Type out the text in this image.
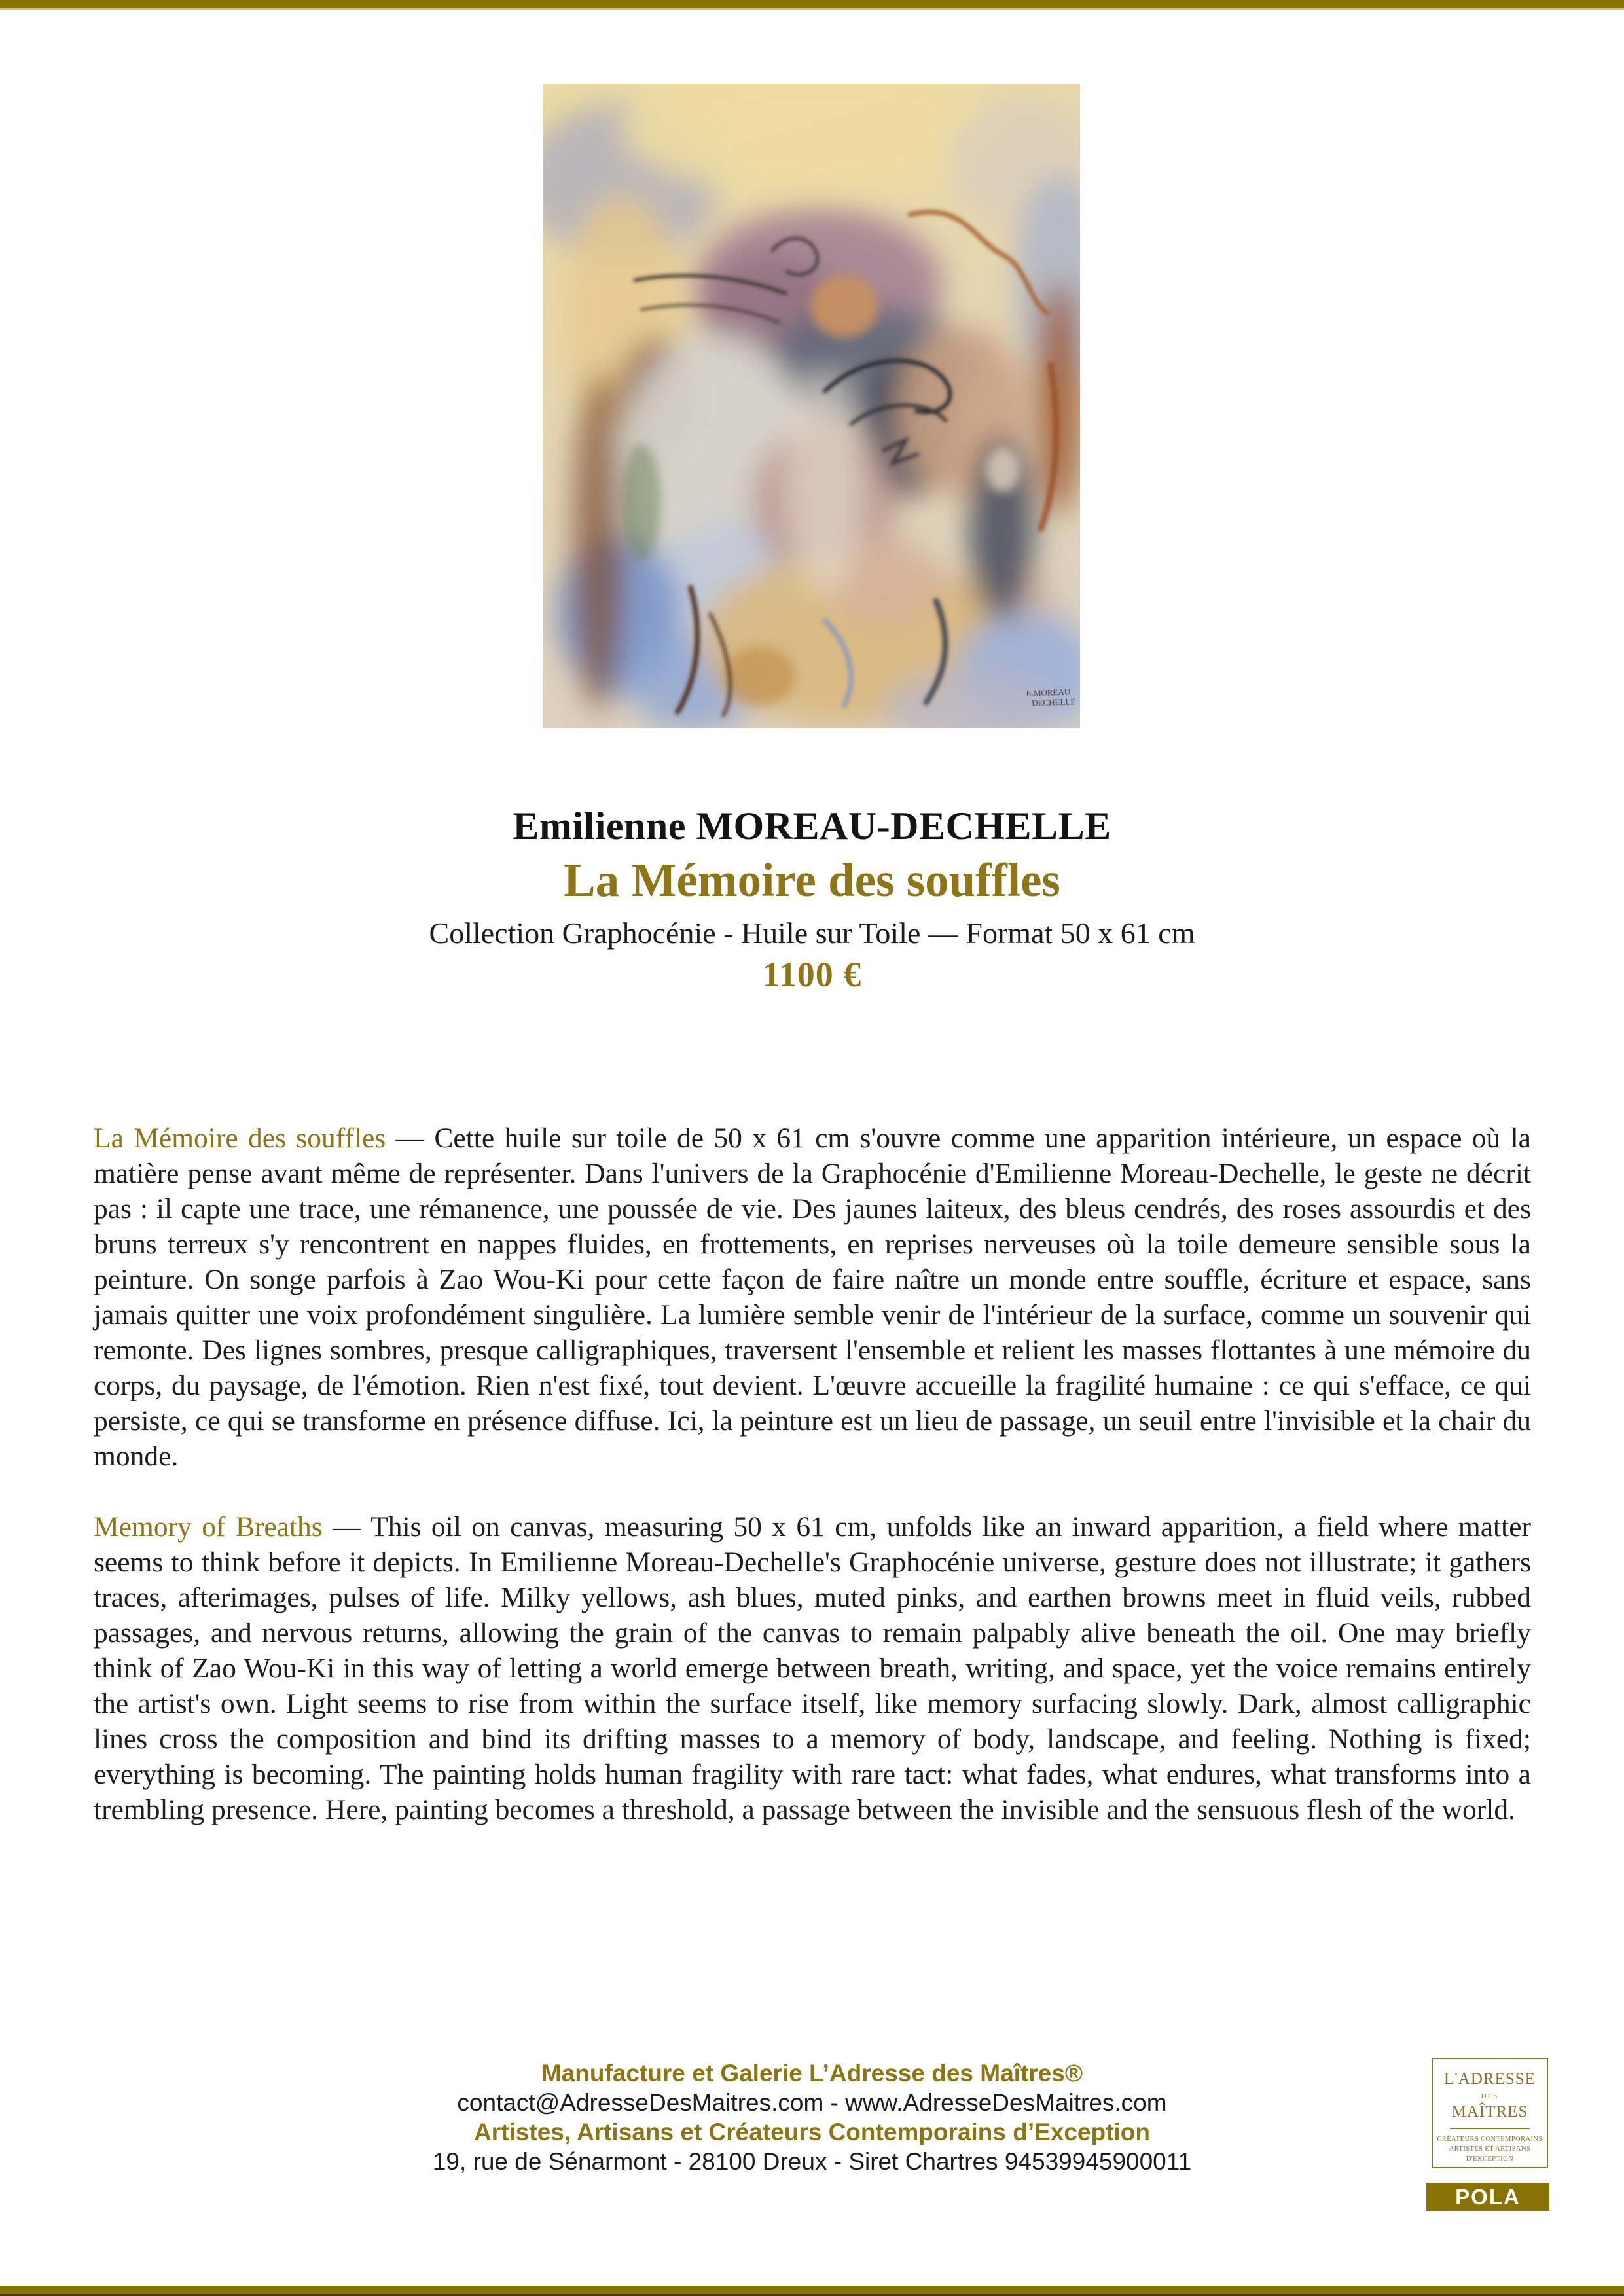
E.MOREAU
DECHELLE
Emilienne MOREAU-DECHELLE
La Mémoire des souffles

Collection Graphocénie - Huile sur Toile — Format 50 x 61 cm

1100 €

La Mémoire des souffles — Cette huile sur toile de 50 x 61 cm s'ouvre comme une apparition intérieure, un espace où la matière pense avant même de représenter. Dans l'univers de la Graphocénie d'Emilienne Moreau-Dechelle, le geste ne décrit pas : il capte une trace, une rémanence, une poussée de vie. Des jaunes laiteux, des bleus cendrés, des roses assourdis et des bruns terreux s'y rencontrent en nappes fluides, en frottements, en reprises nerveuses où la toile demeure sensible sous la peinture. On songe parfois à Zao Wou-Ki pour cette façon de faire naître un monde entre souffle, écriture et espace, sans jamais quitter une voix profondément singulière. La lumière semble venir de l'intérieur de la surface, comme un souvenir qui remonte. Des lignes sombres, presque calligraphiques, traversent l'ensemble et relient les masses flottantes à une mémoire du corps, du paysage, de l'émotion. Rien n'est fixé, tout devient. L'œuvre accueille la fragilité humaine : ce qui s'efface, ce qui persiste, ce qui se transforme en présence diffuse. Ici, la peinture est un lieu de passage, un seuil entre l'invisible et la chair du monde.

Memory of Breaths — This oil on canvas, measuring 50 x 61 cm, unfolds like an inward apparition, a field where matter seems to think before it depicts. In Emilienne Moreau-Dechelle's Graphocénie universe, gesture does not illustrate; it gathers traces, afterimages, pulses of life. Milky yellows, ash blues, muted pinks, and earthen browns meet in fluid veils, rubbed passages, and nervous returns, allowing the grain of the canvas to remain palpably alive beneath the oil. One may briefly think of Zao Wou-Ki in this way of letting a world emerge between breath, writing, and space, yet the voice remains entirely the artist's own. Light seems to rise from within the surface itself, like memory surfacing slowly. Dark, almost calligraphic lines cross the composition and bind its drifting masses to a memory of body, landscape, and feeling. Nothing is fixed; everything is becoming. The painting holds human fragility with rare tact: what fades, what endures, what transforms into a trembling presence. Here, painting becomes a threshold, a passage between the invisible and the sensuous flesh of the world.

Manufacture et Galerie L’Adresse des Maîtres®
contact@AdresseDesMaitres.com - www.AdresseDesMaitres.com
Artistes, Artisans et Créateurs Contemporains d’Exception
19, rue de Sénarmont - 28100 Dreux - Siret Chartres 94539945900011
L'ADRESSE
DES
MAÎTRES
CRÉATEURS CONTEMPORAINS
ARTISTES ET ARTISANS
D'EXCEPTION
POLA
